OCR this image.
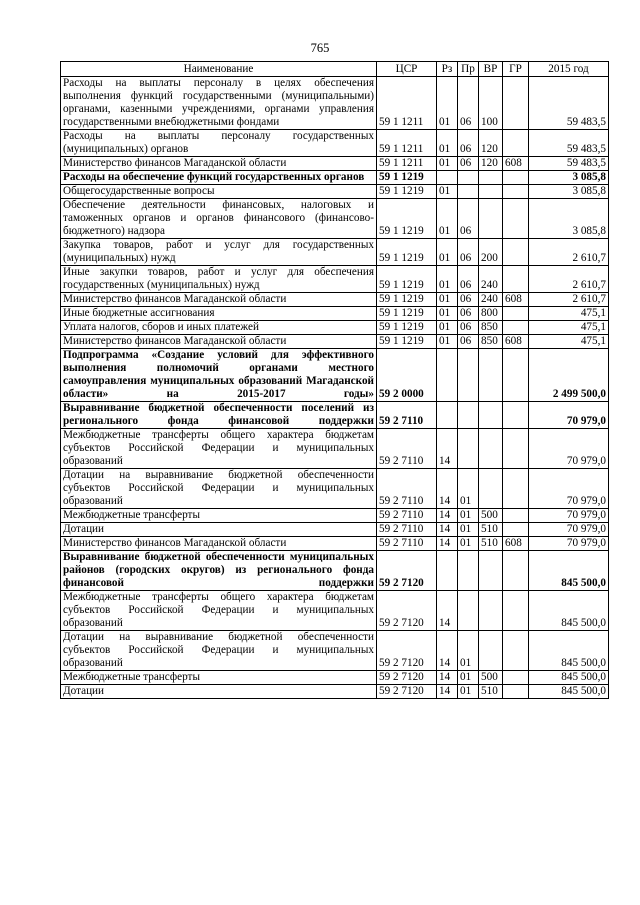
765
Наименование	ЦСР	Рз	Пр	ВР	ГР	2015 год
Расходы на выплаты персоналу в целях обеспечения выполнения функций государственными (муниципальными) органами, казенными учреждениями, органами управления государственными внебюджетными фондами	59 1 1211	01	06	100		59 483,5
Расходы на выплаты персоналу государственных (муниципальных) органов	59 1 1211	01	06	120		59 483,5
Министерство финансов Магаданской области	59 1 1211	01	06	120	608	59 483,5
Расходы на обеспечение функций государственных органов	59 1 1219					3 085,8
Общегосударственные вопросы	59 1 1219	01				3 085,8
Обеспечение деятельности финансовых, налоговых и таможенных органов и органов финансового (финансово-бюджетного) надзора	59 1 1219	01	06			3 085,8
Закупка товаров, работ и услуг для государственных (муниципальных) нужд	59 1 1219	01	06	200		2 610,7
Иные закупки товаров, работ и услуг для обеспечения государственных (муниципальных) нужд	59 1 1219	01	06	240		2 610,7
Министерство финансов Магаданской области	59 1 1219	01	06	240	608	2 610,7
Иные бюджетные ассигнования	59 1 1219	01	06	800		475,1
Уплата налогов, сборов и иных платежей	59 1 1219	01	06	850		475,1
Министерство финансов Магаданской области	59 1 1219	01	06	850	608	475,1
Подпрограмма «Создание условий для эффективного выполнения полномочий органами местного самоуправления муниципальных образований Магаданской области» на 2015-2017 годы»	59 2 0000					2 499 500,0
Выравнивание бюджетной обеспеченности поселений из регионального фонда финансовой поддержки	59 2 7110					70 979,0
Межбюджетные трансферты общего характера бюджетам субъектов Российской Федерации и муниципальных образований	59 2 7110	14				70 979,0
Дотации на выравнивание бюджетной обеспеченности субъектов Российской Федерации и муниципальных образований	59 2 7110	14	01			70 979,0
Межбюджетные трансферты	59 2 7110	14	01	500		70 979,0
Дотации	59 2 7110	14	01	510		70 979,0
Министерство финансов Магаданской области	59 2 7110	14	01	510	608	70 979,0
Выравнивание бюджетной обеспеченности муниципальных районов (городских округов) из регионального фонда финансовой поддержки	59 2 7120					845 500,0
Межбюджетные трансферты общего характера бюджетам субъектов Российской Федерации и муниципальных образований	59 2 7120	14				845 500,0
Дотации на выравнивание бюджетной обеспеченности субъектов Российской Федерации и муниципальных образований	59 2 7120	14	01			845 500,0
Межбюджетные трансферты	59 2 7120	14	01	500		845 500,0
Дотации	59 2 7120	14	01	510		845 500,0
